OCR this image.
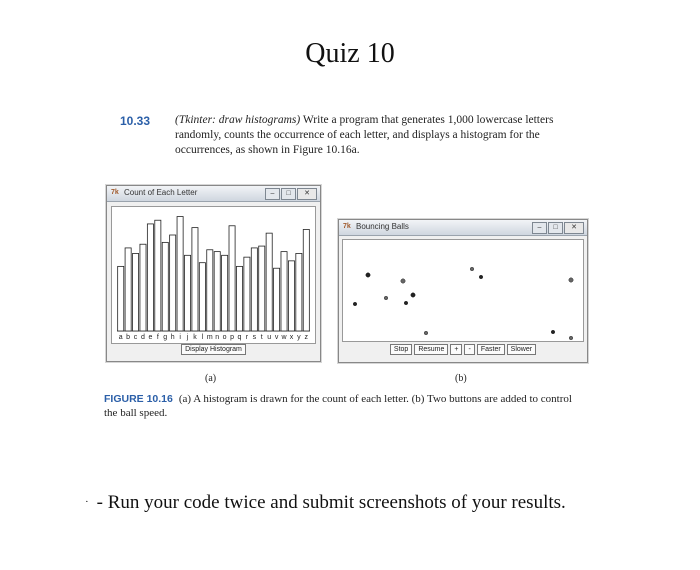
Quiz 10
10.33 (Tkinter: draw histograms) Write a program that generates 1,000 lowercase letters randomly, counts the occurrence of each letter, and displays a histogram for the occurrences, as shown in Figure 10.16a.
7k Count of Each Letter	–	□	✕
a b c d e f g h i j k l m n o p q r s t u v w x y z
Display Histogram
7k Bouncing Balls	–	□	✕
Stop	Resume	+	-	Faster	Slower
(a)	(b)
FIGURE 10.16 (a) A histogram is drawn for the count of each letter. (b) Two buttons are added to control the ball speed.
· - Run your code twice and submit screenshots of your results.
